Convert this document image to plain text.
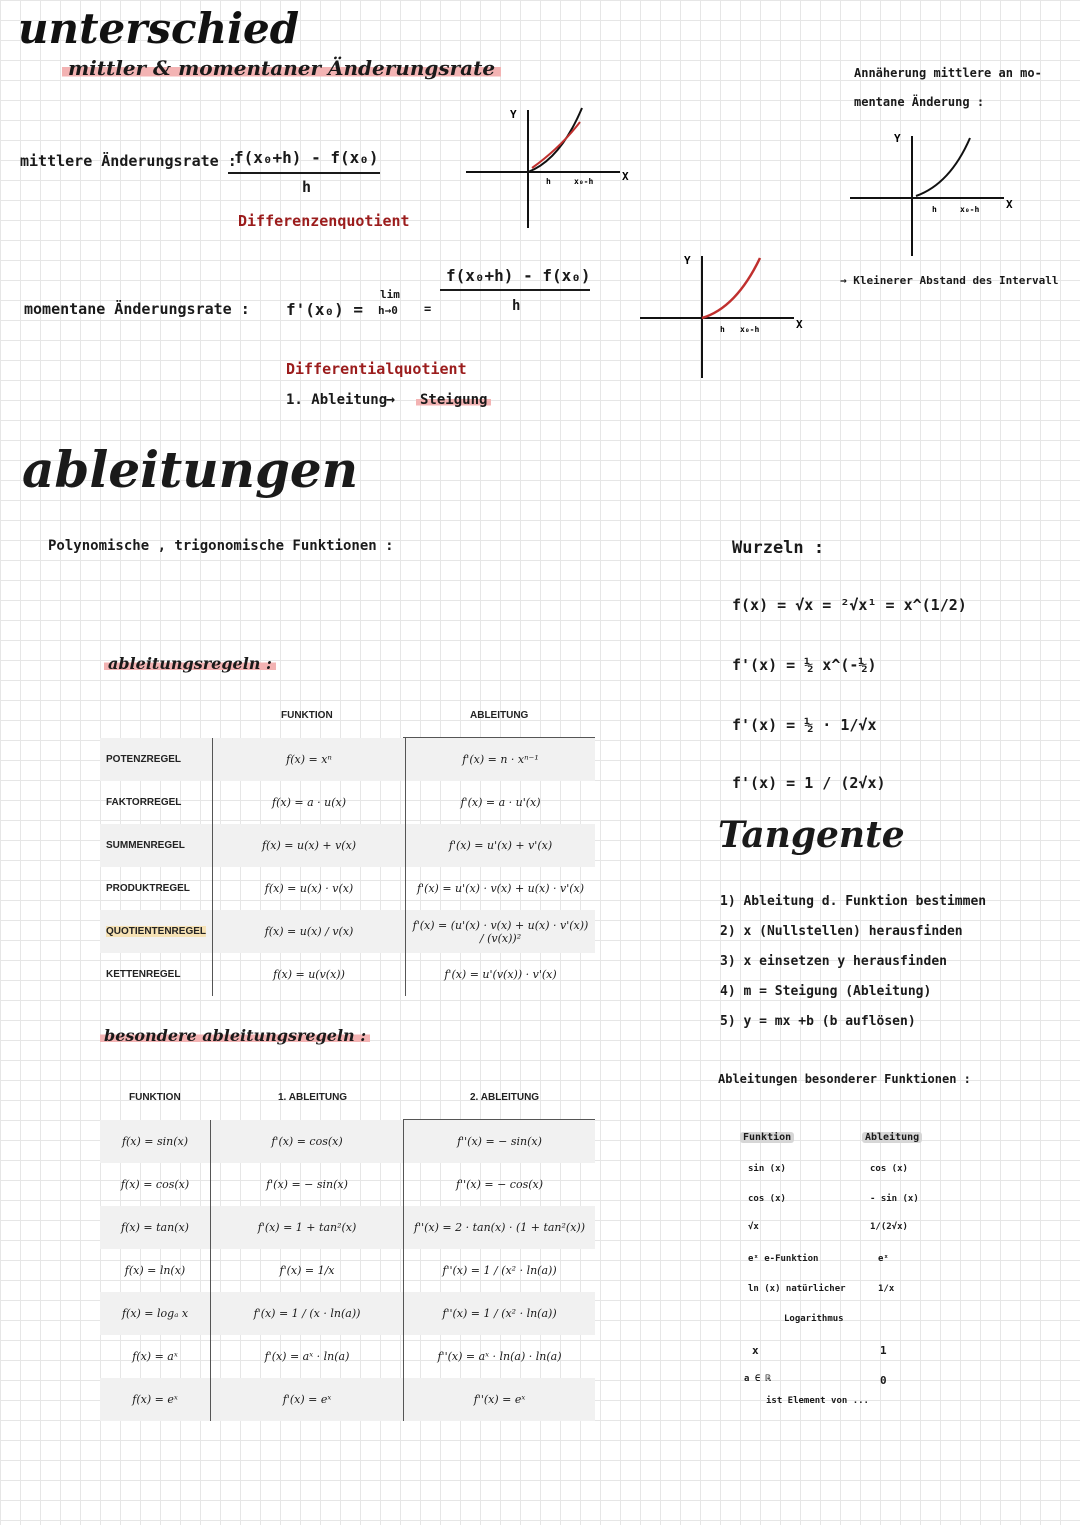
unterschied
mittler & momentaner Änderungsrate
mittlere Änderungsrate :
f(x₀+h) - f(x₀)
h
Differenzenquotient
Y
X
h	x₀-h
momentane Änderungsrate : f'(x₀) =
lim
h→0 =
f(x₀+h) - f(x₀)
h
Differentialquotient
1. Ableitung
→ Steigung
Y
X
h x₀-h
Annäherung mittlere an mo-
mentane Änderung :
Y
X
h	x₀-h
→ Kleinerer Abstand des Intervall
ableitungen
Polynomische , trigonomische Funktionen :
ableitungsregeln :
FUNKTION	ABLEITUNG
POTENZREGEL	f(x) = xⁿ	f'(x) = n · xⁿ⁻¹
FAKTORREGEL	f(x) = a · u(x)	f'(x) = a · u'(x)
SUMMENREGEL	f(x) = u(x) + v(x)	f'(x) = u'(x) + v'(x)
PRODUKTREGEL	f(x) = u(x) · v(x)	f'(x) = u'(x) · v(x) + u(x) · v'(x)
QUOTIENTENREGEL	f(x) = u(x) / v(x)	f'(x) = (u'(x) · v(x) + u(x) · v'(x)) / (v(x))²
KETTENREGEL	f(x) = u(v(x))	f'(x) = u'(v(x)) · v'(x)
besondere ableitungsregeln :
FUNKTION	1. ABLEITUNG	2. ABLEITUNG
f(x) = sin(x)	f'(x) = cos(x)	f''(x) = − sin(x)
f(x) = cos(x)	f'(x) = − sin(x)	f''(x) = − cos(x)
f(x) = tan(x)	f'(x) = 1 + tan²(x)	f''(x) = 2 · tan(x) · (1 + tan²(x))
f(x) = ln(x)	f'(x) = 1/x	f''(x) = 1 / (x² · ln(a))
f(x) = logₐ x	f'(x) = 1 / (x · ln(a))	f''(x) = 1 / (x² · ln(a))
f(x) = aˣ	f'(x) = aˣ · ln(a)	f''(x) = aˣ · ln(a) · ln(a)
f(x) = eˣ	f'(x) = eˣ	f''(x) = eˣ
Wurzeln :
f(x) = √x = ²√x¹ = x^(1/2)
f'(x) = ½ x^(-½)
f'(x) = ½ · 1/√x
f'(x) = 1 / (2√x)
Tangente
1) Ableitung d. Funktion bestimmen
2) x (Nullstellen) herausfinden
3) x einsetzen y herausfinden
4) m = Steigung (Ableitung)
5) y = mx +b (b auflösen)
Ableitungen besonderer Funktionen :
Funktion	Ableitung
sin (x)	cos (x)
cos (x)	- sin (x)
√x	1/(2√x)
eˣ e-Funktion	eˣ
ln (x) natürlicher	1/x
Logarithmus
x	1
a ∈ ℝ	0
ist Element von ...
